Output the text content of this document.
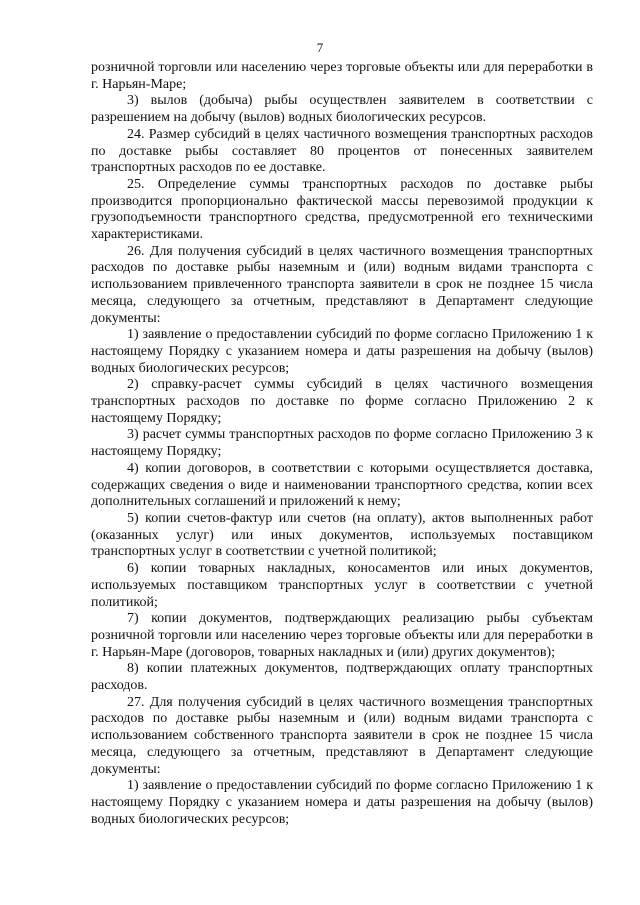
7

розничной торговли или населению через торговые объекты или для переработки в г. Нарьян-Маре;

3) вылов (добыча) рыбы осуществлен заявителем в соответствии с разрешением на добычу (вылов) водных биологических ресурсов.

24. Размер субсидий в целях частичного возмещения транспортных расходов по доставке рыбы составляет 80 процентов от понесенных заявителем транспортных расходов по ее доставке.

25. Определение суммы транспортных расходов по доставке рыбы производится пропорционально фактической массы перевозимой продукции к грузоподъемности транспортного средства, предусмотренной его техническими характеристиками.

26. Для получения субсидий в целях частичного возмещения транспортных расходов по доставке рыбы наземным и (или) водным видами транспорта с использованием привлеченного транспорта заявители в срок не позднее 15 числа месяца, следующего за отчетным, представляют в Департамент следующие документы:

1) заявление о предоставлении субсидий по форме согласно Приложению 1 к настоящему Порядку с указанием номера и даты разрешения на добычу (вылов) водных биологических ресурсов;

2) справку-расчет суммы субсидий в целях частичного возмещения транспортных расходов по доставке по форме согласно Приложению 2 к настоящему Порядку;

3) расчет суммы транспортных расходов по форме согласно Приложению 3 к настоящему Порядку;

4) копии договоров, в соответствии с которыми осуществляется доставка, содержащих сведения о виде и наименовании транспортного средства, копии всех дополнительных соглашений и приложений к нему;

5) копии счетов-фактур или счетов (на оплату), актов выполненных работ (оказанных услуг) или иных документов, используемых поставщиком транспортных услуг в соответствии с учетной политикой;

6) копии товарных накладных, коносаментов или иных документов, используемых поставщиком транспортных услуг в соответствии с учетной политикой;

7) копии документов, подтверждающих реализацию рыбы субъектам розничной торговли или населению через торговые объекты или для переработки в г. Нарьян-Маре (договоров, товарных накладных и (или) других документов);

8) копии платежных документов, подтверждающих оплату транспортных расходов.

27. Для получения субсидий в целях частичного возмещения транспортных расходов по доставке рыбы наземным и (или) водным видами транспорта с использованием собственного транспорта заявители в срок не позднее 15 числа месяца, следующего за отчетным, представляют в Департамент следующие документы:

1) заявление о предоставлении субсидий по форме согласно Приложению 1 к настоящему Порядку с указанием номера и даты разрешения на добычу (вылов) водных биологических ресурсов;
